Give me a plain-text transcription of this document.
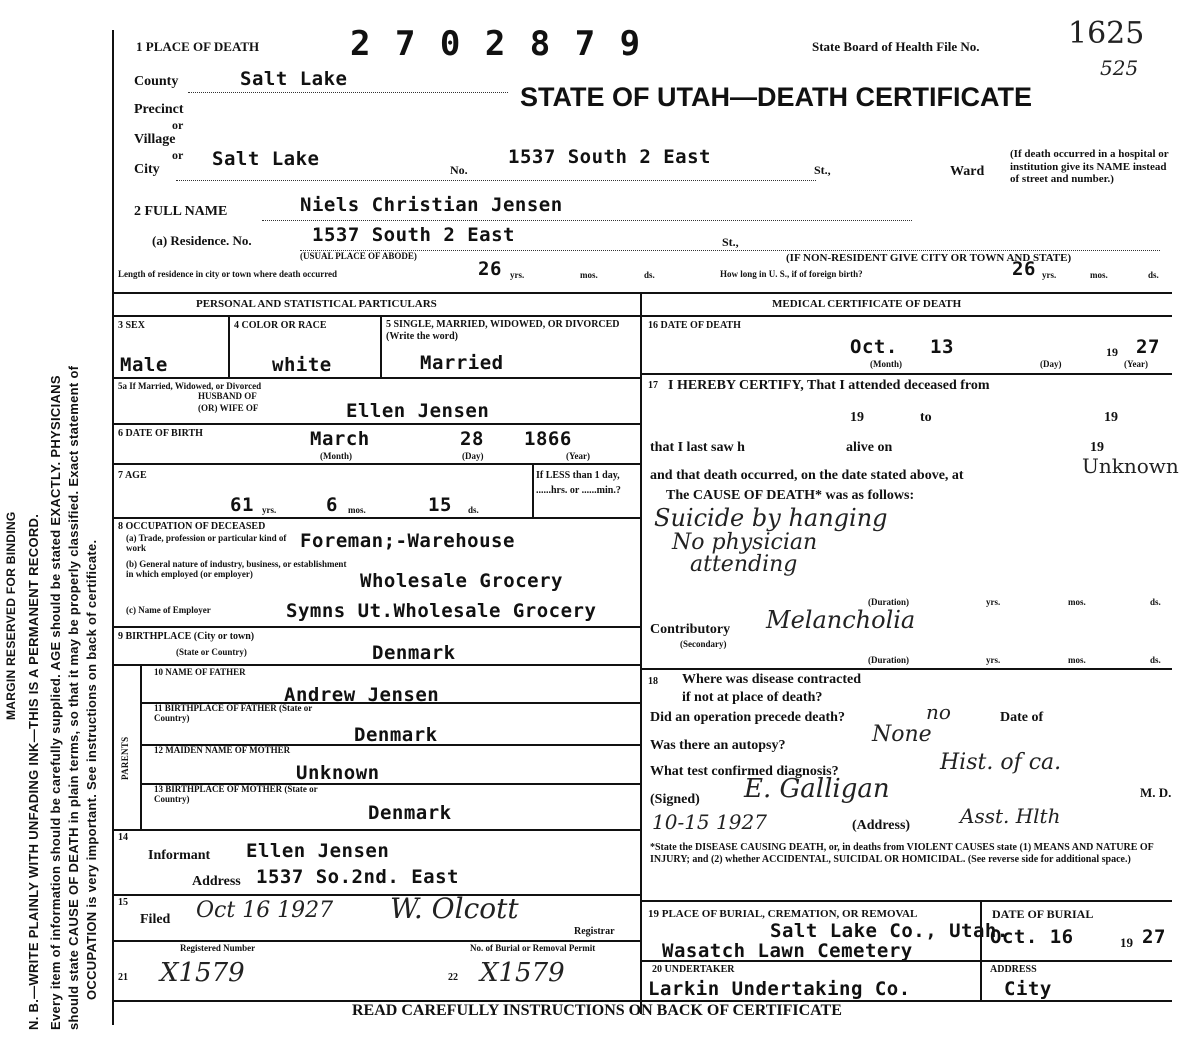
MARGIN RESERVED FOR BINDING N. B.—WRITE PLAINLY WITH UNFADING INK—THIS IS A PERMANENT RECORD. Every item of information should be carefully supplied. AGE should be stated EXACTLY. PHYSICIANS should state CAUSE OF DEATH in plain terms, so that it may be properly classified. Exact statement of OCCUPATION is very important. See instructions on back of certificate.
1 PLACE OF DEATH	2 7 0 2 8 7 9	State Board of Health File No.	1625
525
STATE OF UTAH—DEATH CERTIFICATE
County	Salt Lake
Precinct
or
Village
or
City	Salt Lake	No.
1537 South 2 East
St.,	Ward
(If death occurred in a hospital or institution give its NAME instead of street and number.)
2 FULL NAME	Niels Christian Jensen
(a) Residence. No.	1537 South 2 East	St.,
(USUAL PLACE OF ABODE)	(IF NON-RESIDENT GIVE CITY OR TOWN AND STATE)
Length of residence in city or town where death occurred	26 yrs.	mos.	ds.	How long in U. S., if of foreign birth?	26 yrs.	mos.	ds.
PERSONAL AND STATISTICAL PARTICULARS
3 SEX	4 COLOR OR RACE	5 SINGLE, MARRIED, WIDOWED, OR DIVORCED (Write the word)
Male	white	Married
5a If Married, Widowed, or Divorced
HUSBAND OF
(OR) WIFE OF	Ellen Jensen
6 DATE OF BIRTH	March	28 1866
(Month)	(Day)	(Year)
7 AGE
61 yrs.	6 mos.	15 ds.
If LESS than 1 day, ......hrs. or ......min.?
8 OCCUPATION OF DECEASED
(a) Trade, profession or particular kind of work	Foreman;-Warehouse
(b) General nature of industry, business, or establishment in which employed (or employer)	Wholesale Grocery
(c) Name of Employer	Symns Ut.Wholesale Grocery
9 BIRTHPLACE (City or town)
(State or Country)	Denmark
PARENTS
10 NAME OF FATHER
Andrew Jensen
11 BIRTHPLACE OF FATHER (State or Country)
Denmark
12 MAIDEN NAME OF MOTHER
Unknown
13 BIRTHPLACE OF MOTHER (State or Country)
Denmark
14
Informant Ellen Jensen
Address 1537 So.2nd. East
15
Filed Oct 16 1927 W. Olcott
Registrar
Registered Number	No. of Burial or Removal Permit
21 X1579	22 X1579
MEDICAL CERTIFICATE OF DEATH
16 DATE OF DEATH
Oct. 13	19 27
(Month)	(Day)	(Year)
17 I HEREBY CERTIFY, That I attended deceased from
19	to	19
that I last saw h	alive on	19
and that death occurred, on the date stated above, at	Unknown
The CAUSE OF DEATH* was as follows:
Suicide by hanging
No physician
attending
(Duration)	yrs.	mos.	ds.
Contributory
(Secondary)
Melancholia
(Duration)	yrs.	mos.	ds.
18 Where was disease contracted
if not at place of death?
Did an operation precede death?	no	Date of
Was there an autopsy?	None
What test confirmed diagnosis?	Hist. of ca.
(Signed) E. Galligan	M. D.
10-15 1927	(Address) Asst. Hlth
*State the DISEASE CAUSING DEATH, or, in deaths from VIOLENT CAUSES state (1) MEANS AND NATURE OF INJURY; and (2) whether ACCIDENTAL, SUICIDAL OR HOMICIDAL. (See reverse side for additional space.)
19 PLACE OF BURIAL, CREMATION, OR REMOVAL
Salt Lake Co., Utah.
Wasatch Lawn Cemetery
DATE OF BURIAL
Oct. 16	19 27
20 UNDERTAKER
Larkin Undertaking Co.
ADDRESS
City
READ CAREFULLY INSTRUCTIONS ON BACK OF CERTIFICATE
